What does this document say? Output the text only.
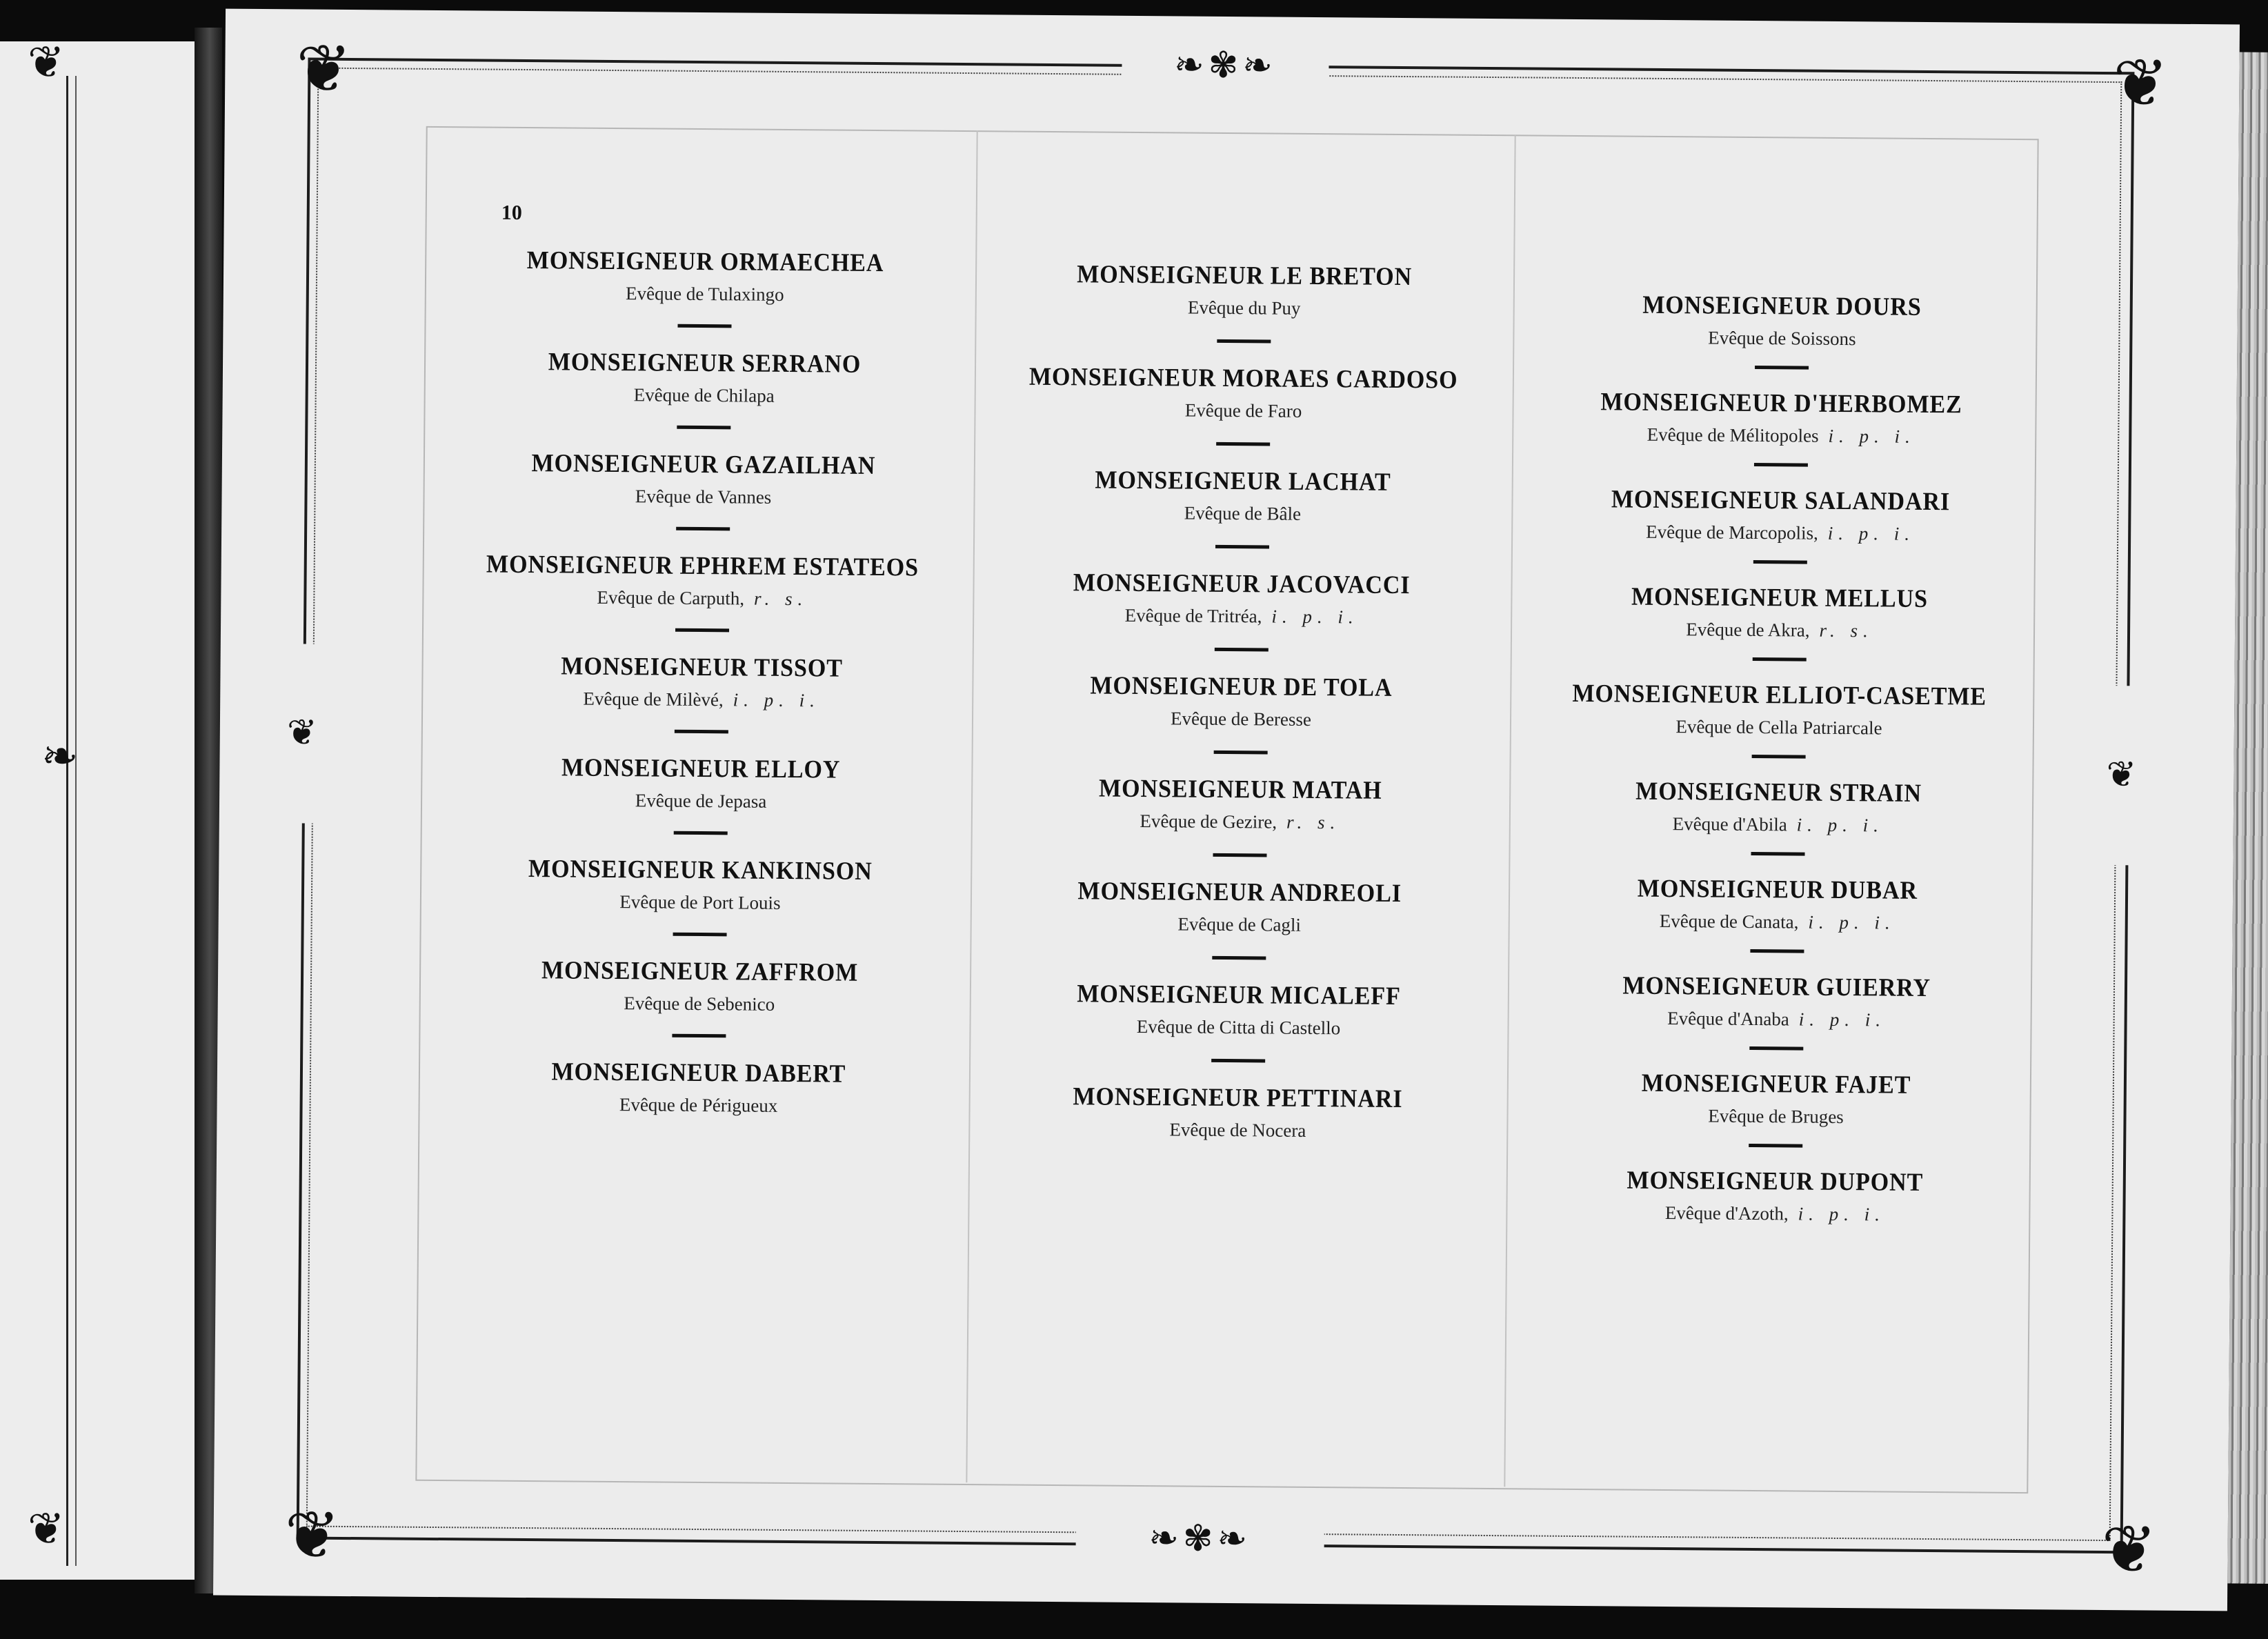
❦
❧
❦
❦	❦
❦	❦
❧✾❧
❧✾❧
❦
❦
10
MONSEIGNEUR ORMAECHEA
Evêque de Tulaxingo
MONSEIGNEUR SERRANO
Evêque de Chilapa
MONSEIGNEUR GAZAILHAN
Evêque de Vannes
MONSEIGNEUR EPHREM ESTATEOS
Evêque de Carputh, r. s.
MONSEIGNEUR TISSOT
Evêque de Milèvé, i. p. i.
MONSEIGNEUR ELLOY
Evêque de Jepasa
MONSEIGNEUR KANKINSON
Evêque de Port Louis
MONSEIGNEUR ZAFFROM
Evêque de Sebenico
MONSEIGNEUR DABERT
Evêque de Périgueux
MONSEIGNEUR LE BRETON
Evêque du Puy
MONSEIGNEUR MORAES CARDOSO
Evêque de Faro
MONSEIGNEUR LACHAT
Evêque de Bâle
MONSEIGNEUR JACOVACCI
Evêque de Tritréa, i. p. i.
MONSEIGNEUR DE TOLA
Evêque de Beresse
MONSEIGNEUR MATAH
Evêque de Gezire, r. s.
MONSEIGNEUR ANDREOLI
Evêque de Cagli
MONSEIGNEUR MICALEFF
Evêque de Citta di Castello
MONSEIGNEUR PETTINARI
Evêque de Nocera
MONSEIGNEUR DOURS
Evêque de Soissons
MONSEIGNEUR D'HERBOMEZ
Evêque de Mélitopoles i. p. i.
MONSEIGNEUR SALANDARI
Evêque de Marcopolis, i. p. i.
MONSEIGNEUR MELLUS
Evêque de Akra, r. s.
MONSEIGNEUR ELLIOT-CASETME
Evêque de Cella Patriarcale
MONSEIGNEUR STRAIN
Evêque d'Abila i. p. i.
MONSEIGNEUR DUBAR
Evêque de Canata, i. p. i.
MONSEIGNEUR GUIERRY
Evêque d'Anaba i. p. i.
MONSEIGNEUR FAJET
Evêque de Bruges
MONSEIGNEUR DUPONT
Evêque d'Azoth, i. p. i.
